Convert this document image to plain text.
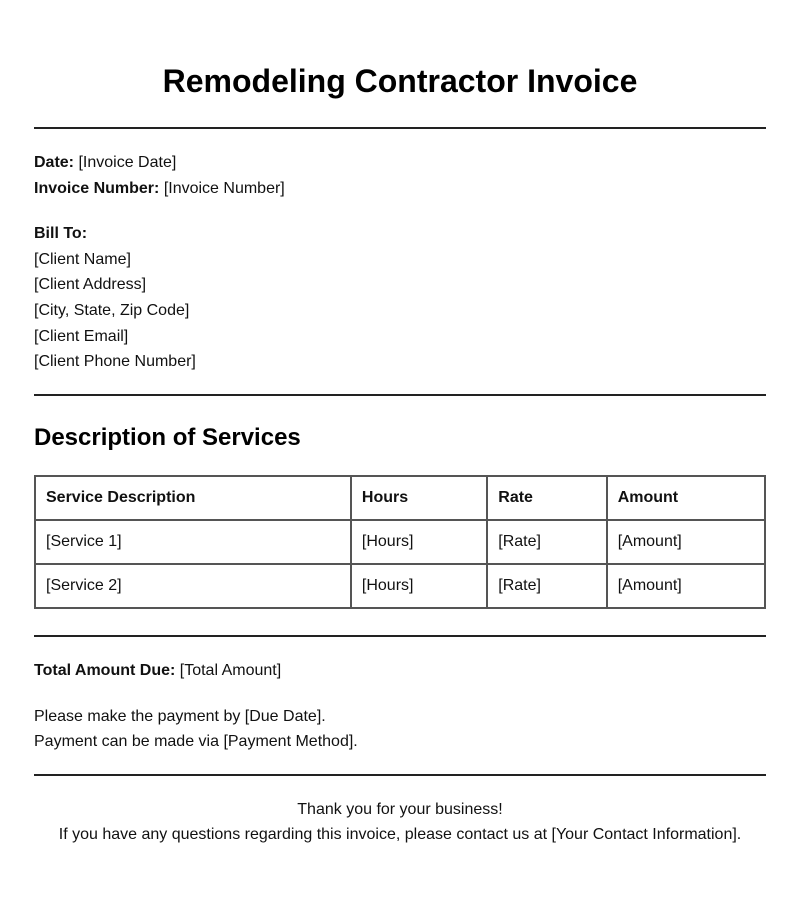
Remodeling Contractor Invoice
Date: [Invoice Date]
Invoice Number: [Invoice Number]
Bill To:
[Client Name]
[Client Address]
[City, State, Zip Code]
[Client Email]
[Client Phone Number]
Description of Services
Service Description	Hours	Rate	Amount
[Service 1]	[Hours]	[Rate]	[Amount]
[Service 2]	[Hours]	[Rate]	[Amount]
Total Amount Due: [Total Amount]
Please make the payment by [Due Date].
Payment can be made via [Payment Method].
Thank you for your business!
If you have any questions regarding this invoice, please contact us at [Your Contact Information].
